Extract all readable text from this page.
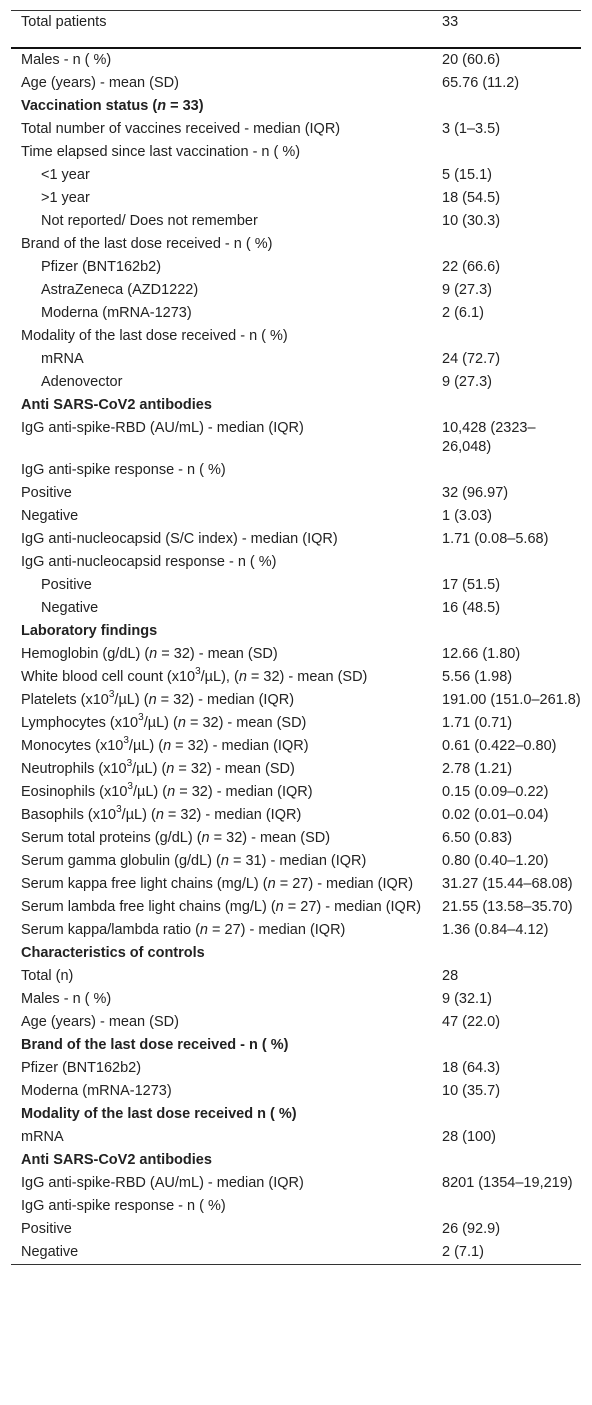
Total patients	33
Males - n ( %)	20 (60.6)
Age (years) - mean (SD)	65.76 (11.2)
Vaccination status (n = 33)	
Total number of vaccines received - median (IQR)	3 (1–3.5)
Time elapsed since last vaccination - n ( %)	
<1 year	5 (15.1)
>1 year	18 (54.5)
Not reported/ Does not remember	10 (30.3)
Brand of the last dose received - n ( %)	
Pfizer (BNT162b2)	22 (66.6)
AstraZeneca (AZD1222)	9 (27.3)
Moderna (mRNA-1273)	2 (6.1)
Modality of the last dose received - n ( %)	
mRNA	24 (72.7)
Adenovector	9 (27.3)
Anti SARS-CoV2 antibodies	
IgG anti-spike-RBD (AU/mL) - median (IQR)	10,428 (2323–26,048)
IgG anti-spike response - n ( %)	
Positive	32 (96.97)
Negative	1 (3.03)
IgG anti-nucleocapsid (S/C index) - median (IQR)	1.71 (0.08–5.68)
IgG anti-nucleocapsid response - n ( %)	
Positive	17 (51.5)
Negative	16 (48.5)
Laboratory findings	
Hemoglobin (g/dL) (n = 32) - mean (SD)	12.66 (1.80)
White blood cell count $(x10^3/\mu L)$, (n = 32) - mean (SD)	5.56 (1.98)
Platelets $(x10^3/\mu L) (n = 32)$ - median (IQR)	191.00 (151.0–261.8)
Lymphocytes $(x10^3/\mu L) (n = 32)$ - mean (SD)	1.71 (0.71)
Monocytes $(x10^3/\mu L) (n = 32)$ - median (IQR)	0.61 (0.422–0.80)
Neutrophils $(x10^3/\mu L) (n = 32)$ - mean (SD)	2.78 (1.21)
Eosinophils $(x10^3/\mu L) (n = 32)$ - median (IQR)	0.15 (0.09–0.22)
Basophils $(x10^3/\mu L) (n = 32)$ - median (IQR)	0.02 (0.01–0.04)
Serum total proteins (g/dL) (n = 32) - mean (SD)	6.50 (0.83)
Serum gamma globulin (g/dL) (n = 31) - median (IQR)	0.80 (0.40–1.20)
Serum kappa free light chains (mg/L) (n = 27) - median (IQR)	31.27 (15.44–68.08)
Serum lambda free light chains (mg/L) (n = 27) - median (IQR)	21.55 (13.58–35.70)
Serum kappa/lambda ratio (n = 27) - median (IQR)	1.36 (0.84–4.12)
Characteristics of controls	
Total (n)	28
Males - n ( %)	9 (32.1)
Age (years) - mean (SD)	47 (22.0)
Brand of the last dose received - n ( %)	
Pfizer (BNT162b2)	18 (64.3)
Moderna (mRNA-1273)	10 (35.7)
Modality of the last dose received n ( %)	
mRNA	28 (100)
Anti SARS-CoV2 antibodies	
IgG anti-spike-RBD (AU/mL) - median (IQR)	8201 (1354–19,219)
IgG anti-spike response - n ( %)	
Positive	26 (92.9)
Negative	2 (7.1)
